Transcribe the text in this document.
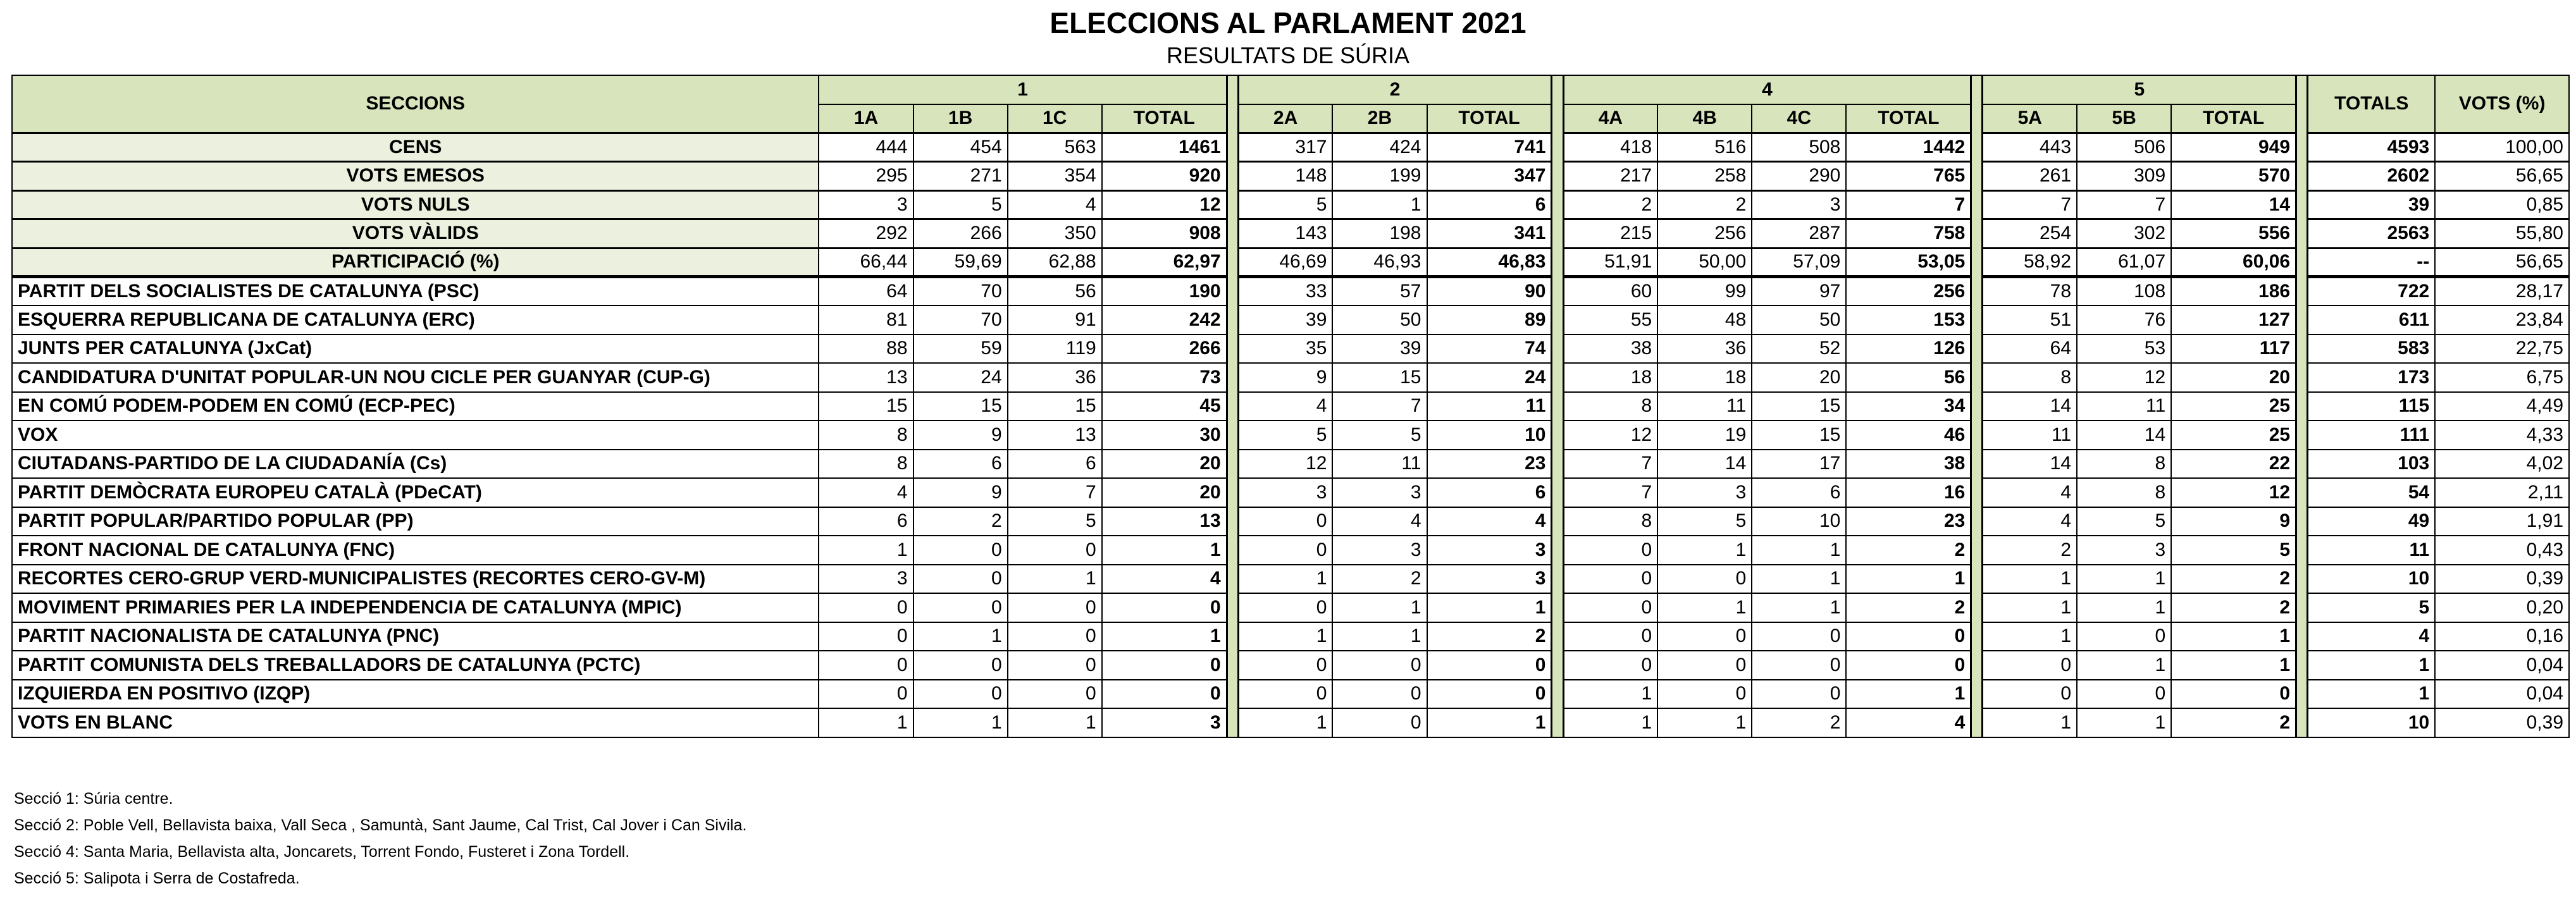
ELECCIONS AL PARLAMENT 2021
RESULTATS DE SÚRIA
SECCIONS	1					2				4					5				TOTALS	VOTS (%)
	1A	1B	1C	TOTAL		2A	2B	TOTAL		4A	4B	4C	TOTAL		5A	5B	TOTAL			
CENS	444	454	563	1461		317	424	741		418	516	508	1442		443	506	949		4593	100,00
VOTS EMESOS	295	271	354	920		148	199	347		217	258	290	765		261	309	570		2602	56,65
VOTS NULS	3	5	4	12		5	1	6		2	2	3	7		7	7	14		39	0,85
VOTS VÀLIDS	292	266	350	908		143	198	341		215	256	287	758		254	302	556		2563	55,80
PARTICIPACIÓ (%)	66,44	59,69	62,88	62,97		46,69	46,93	46,83		51,91	50,00	57,09	53,05		58,92	61,07	60,06		--	56,65
PARTIT DELS SOCIALISTES DE CATALUNYA (PSC)	64	70	56	190		33	57	90		60	99	97	256		78	108	186		722	28,17
ESQUERRA REPUBLICANA DE CATALUNYA (ERC)	81	70	91	242		39	50	89		55	48	50	153		51	76	127		611	23,84
JUNTS PER CATALUNYA (JxCat)	88	59	119	266		35	39	74		38	36	52	126		64	53	117		583	22,75
CANDIDATURA D'UNITAT POPULAR-UN NOU CICLE PER GUANYAR (CUP-G)	13	24	36	73		9	15	24		18	18	20	56		8	12	20		173	6,75
EN COMÚ PODEM-PODEM EN COMÚ (ECP-PEC)	15	15	15	45		4	7	11		8	11	15	34		14	11	25		115	4,49
VOX	8	9	13	30		5	5	10		12	19	15	46		11	14	25		111	4,33
CIUTADANS-PARTIDO DE LA CIUDADANÍA (Cs)	8	6	6	20		12	11	23		7	14	17	38		14	8	22		103	4,02
PARTIT DEMÒCRATA EUROPEU CATALÀ (PDeCAT)	4	9	7	20		3	3	6		7	3	6	16		4	8	12		54	2,11
PARTIT POPULAR/PARTIDO POPULAR (PP)	6	2	5	13		0	4	4		8	5	10	23		4	5	9		49	1,91
FRONT NACIONAL DE CATALUNYA (FNC)	1	0	0	1		0	3	3		0	1	1	2		2	3	5		11	0,43
RECORTES CERO-GRUP VERD-MUNICIPALISTES (RECORTES CERO-GV-M)	3	0	1	4		1	2	3		0	0	1	1		1	1	2		10	0,39
MOVIMENT PRIMARIES PER LA INDEPENDENCIA DE CATALUNYA (MPIC)	0	0	0	0		0	1	1		0	1	1	2		1	1	2		5	0,20
PARTIT NACIONALISTA DE CATALUNYA (PNC)	0	1	0	1		1	1	2		0	0	0	0		1	0	1		4	0,16
PARTIT COMUNISTA DELS TREBALLADORS DE CATALUNYA (PCTC)	0	0	0	0		0	0	0		0	0	0	0		0	1	1		1	0,04
IZQUIERDA EN POSITIVO (IZQP)	0	0	0	0		0	0	0		1	0	0	1		0	0	0		1	0,04
VOTS EN BLANC	1	1	1	3		1	0	1		1	1	2	4		1	1	2		10	0,39
Secció 1: Súria centre.
Secció 2: Poble Vell, Bellavista baixa, Vall Seca , Samuntà, Sant Jaume, Cal Trist, Cal Jover i Can Sivila.
Secció 4: Santa Maria, Bellavista alta, Joncarets, Torrent Fondo, Fusteret i Zona Tordell.
Secció 5: Salipota i Serra de Costafreda.
